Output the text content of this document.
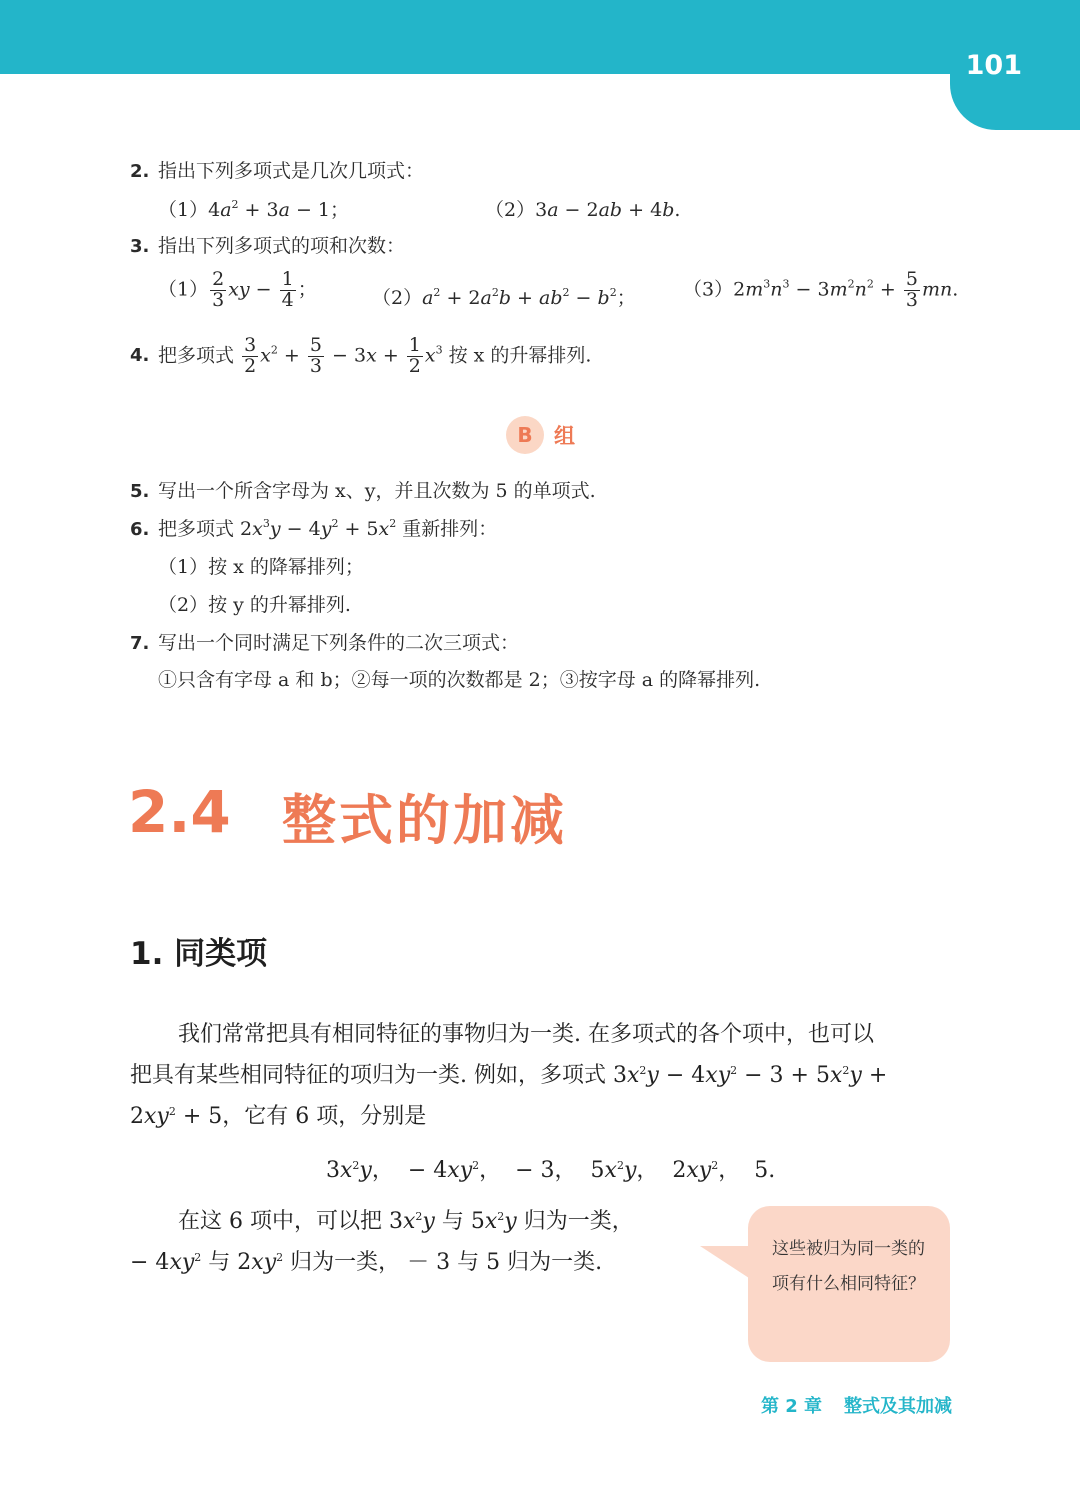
101
2. 指出下列多项式是几次几项式：
$(1)4a^2 + 3a - 1$；	（2）3a − 2ab + 4b.
3. 指出下列多项式的项和次数：
$(1) \frac{2}{3}$ xy − $\frac{1}{4}$ ；	$(2)a^2 + 2a^2b + ab^2 - b^2$； $(3)2m^3n^3 - 3m^2n^2 + \frac{5}{3}$ mn.
4. 把多项式 $\frac{3}{2} x^2 + \frac{5}{3} - 3x + \frac{1}{2} x^3$ 按 x 的升幂排列.
B	组
5. 写出一个所含字母为 x、y，并且次数为 5 的单项式.
6. 把多项式 $2x^3y - 4y^2 + 5x^2$ 重新排列：
（1）按 x 的降幂排列；
（2）按 y 的升幂排列.
7. 写出一个同时满足下列条件的二次三项式：
①只含有字母 a 和 b；②每一项的次数都是 2；③按字母 a 的降幂排列.
2.4 整式的加减
1. 同类项
我们常常把具有相同特征的事物归为一类. 在多项式的各个项中，也可以
把具有某些相同特征的项归为一类. 例如，多项式 $3x^2y - 4xy^2 - 3 + 5x^2y$ +
$2xy^2 + 5$，它有 6 项，分别是
$3x^2y$，  − $4xy^2$，  − 3，  $5x^2y$，  $2xy^2$，  5.
在这 6 项中，可以把 $3x^2y$ 与 $5x^2y$ 归为一类，
− $4xy^2$ 与 $2xy^2$ 归为一类， － 3 与 5 归为一类.
这些被归为同一类的项有什么相同特征？
第 2 章 整式及其加减
